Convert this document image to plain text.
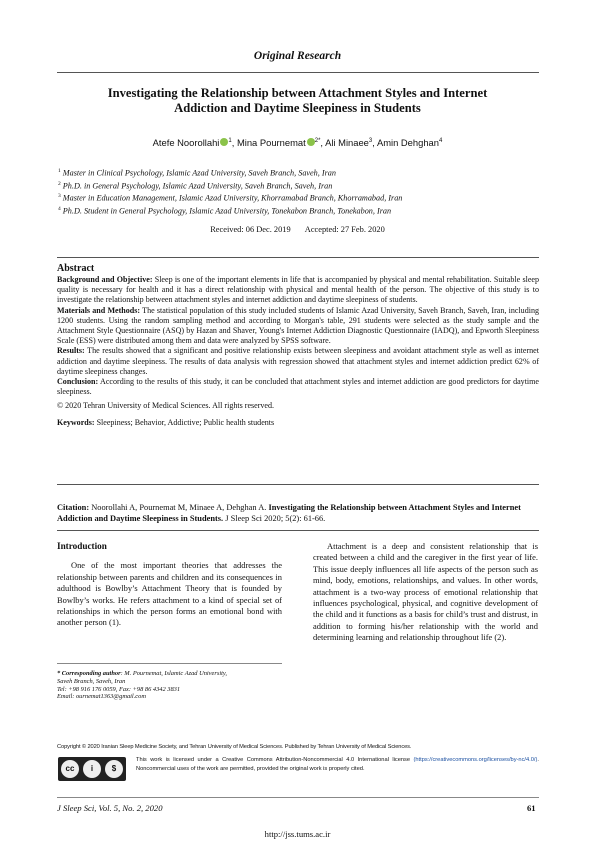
Original Research
Investigating the Relationship between Attachment Styles and Internet
Addiction and Daytime Sleepiness in Students
Atefe Noorollahi $^1$, Mina Pournemat $^{2*}$, Ali Minaee$^3$, Amin Dehghan$^4$
$^1$ Master in Clinical Psychology, Islamic Azad University, Saveh Branch, Saveh, Iran
$^2$ Ph.D. in General Psychology, Islamic Azad University, Saveh Branch, Saveh, Iran
$^3$ Master in Education Management, Islamic Azad University, Khorramabad Branch, Khorramabad, Iran
$^4$ Ph.D. Student in General Psychology, Islamic Azad University, Tonekabon Branch, Tonekabon, Iran
Received: 06 Dec. 2019 Accepted: 27 Feb. 2020
Abstract

Background and Objective: Sleep is one of the important elements in life that is accompanied by physical and mental rehabilitation. Suitable sleep quality is necessary for health and it has a direct relationship with physical and mental health of the person. The objective of this study is to investigate the relationship between attachment styles and internet addiction and daytime sleepiness of students.

Materials and Methods: The statistical population of this study included students of Islamic Azad University, Saveh Branch, Saveh, Iran, including 1200 students. Using the random sampling method and according to Morgan's table, 291 students were selected as the study sample and the Attachment Style Questionnaire (ASQ) by Hazan and Shaver, Young's Internet Addiction Diagnostic Questionnaire (IADQ), and Epworth Sleepiness Scale (ESS) were distributed among them and data were analyzed by SPSS software.

Results: The results showed that a significant and positive relationship exists between sleepiness and avoidant attachment style as well as internet addiction and daytime sleepiness. The results of data analysis with regression showed that attachment styles and internet addiction predict 62% of daytime sleepiness changes.

Conclusion: According to the results of this study, it can be concluded that attachment styles and internet addiction are good predictors for daytime sleepiness.

© 2020 Tehran University of Medical Sciences. All rights reserved.

Keywords: Sleepiness; Behavior, Addictive; Public health students

Citation: Noorollahi A, Pournemat M, Minaee A, Dehghan A. Investigating the Relationship between Attachment Styles and Internet Addiction and Daytime Sleepiness in Students. J Sleep Sci 2020; 5(2): 61-66.
Introduction

One of the most important theories that addresses the relationship between parents and children and its consequences in adulthood is Bowlby’s Attachment Theory that is founded by Bowlby’s works. He refers attachment to a kind of special set of relationships in which the person forms an emotional bond with another person (1).

Attachment is a deep and consistent relationship that is created between a child and the caregiver in the first year of life. This issue deeply influences all life aspects of the person such as mind, body, emotions, relationships, and values. In other words, attachment is a two-way process of emotional relationship that influences psychological, physical, and cognitive development of the child and it functions as a basis for child’s trust and distrust, in addition to forming his/her relationship with the world and determining learning and relationship throughout life (2).

* Corresponding author: M. Pournemat, Islamic Azad University,
Saveh Branch, Saveh, Iran
Tel: +98 916 176 0059, Fax: +98 86 4342 3831
Email: ournemat1363@gmail.com
Copyright © 2020 Iranian Sleep Medicine Society, and Tehran University of Medical Sciences. Published by Tehran University of Medical Sciences.
cc	i	$
This work is licensed under a Creative Commons Attribution-Noncommercial 4.0 International license (https://creativecommons.org/licenses/by-nc/4.0/). Noncommercial uses of the work are permitted, provided the original work is properly cited.
J Sleep Sci, Vol. 5, No. 2, 2020	61
http://jss.tums.ac.ir
